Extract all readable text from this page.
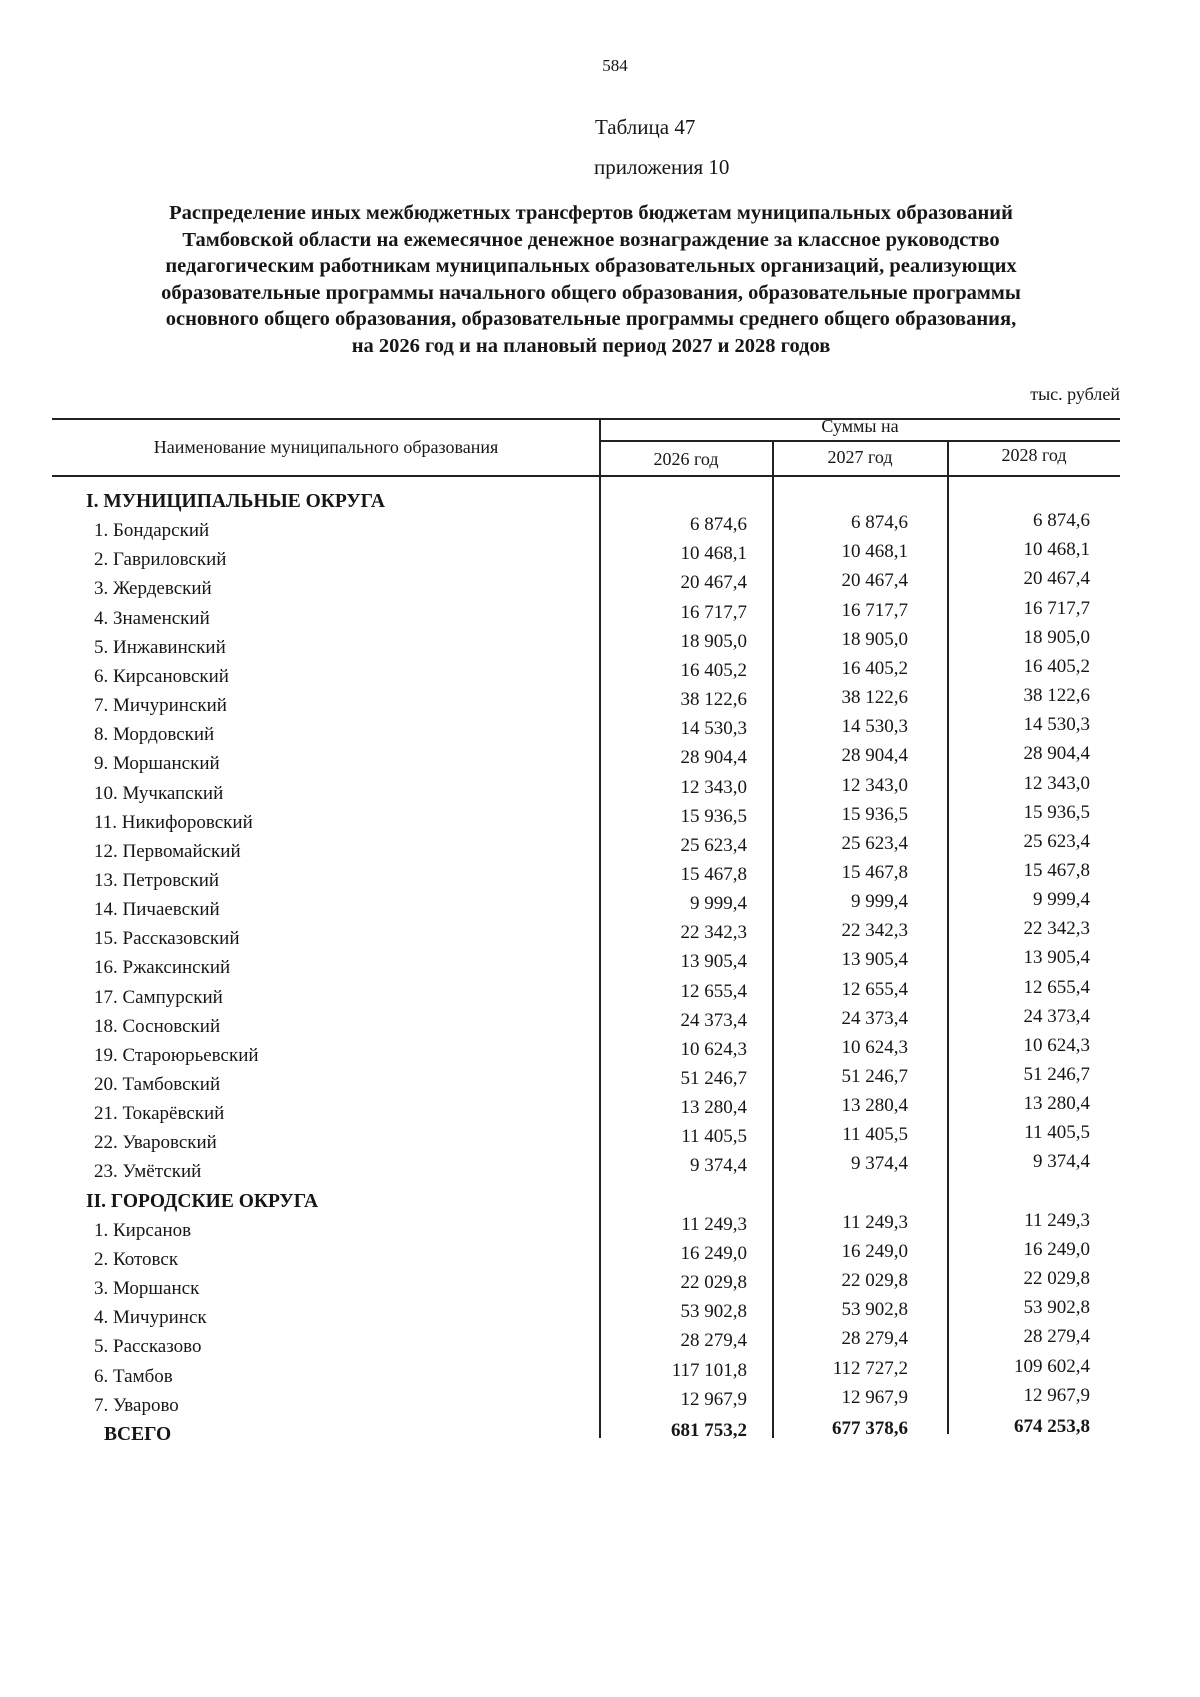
584
Таблица 47
приложения 10
Распределение иных межбюджетных трансфертов бюджетам муниципальных образований
Тамбовской области на ежемесячное денежное вознаграждение за классное руководство
педагогическим работникам муниципальных образовательных организаций, реализующих
образовательные программы начального общего образования, образовательные программы
основного общего образования, образовательные программы среднего общего образования,
на 2026 год и на плановый период 2027 и 2028 годов
тыс. рублей
Наименование муниципального образования
Суммы на
2026 год	2027 год	2028 год
I. МУНИЦИПАЛЬНЫЕ ОКРУГА
1. Бондарский	6 874,6	6 874,6	6 874,6
2. Гавриловский	10 468,1	10 468,1	10 468,1
3. Жердевский	20 467,4	20 467,4	20 467,4
4. Знаменский	16 717,7	16 717,7	16 717,7
5. Инжавинский	18 905,0	18 905,0	18 905,0
6. Кирсановский	16 405,2	16 405,2	16 405,2
7. Мичуринский	38 122,6	38 122,6	38 122,6
8. Мордовский	14 530,3	14 530,3	14 530,3
9. Моршанский	28 904,4	28 904,4	28 904,4
10. Мучкапский	12 343,0	12 343,0	12 343,0
11. Никифоровский	15 936,5	15 936,5	15 936,5
12. Первомайский	25 623,4	25 623,4	25 623,4
13. Петровский	15 467,8	15 467,8	15 467,8
14. Пичаевский	9 999,4	9 999,4	9 999,4
15. Рассказовский	22 342,3	22 342,3	22 342,3
16. Ржаксинский	13 905,4	13 905,4	13 905,4
17. Сампурский	12 655,4	12 655,4	12 655,4
18. Сосновский	24 373,4	24 373,4	24 373,4
19. Староюрьевский	10 624,3	10 624,3	10 624,3
20. Тамбовский	51 246,7	51 246,7	51 246,7
21. Токарёвский	13 280,4	13 280,4	13 280,4
22. Уваровский	11 405,5	11 405,5	11 405,5
23. Умётский	9 374,4	9 374,4	9 374,4
II. ГОРОДСКИЕ ОКРУГА
1. Кирсанов	11 249,3	11 249,3	11 249,3
2. Котовск	16 249,0	16 249,0	16 249,0
3. Моршанск	22 029,8	22 029,8	22 029,8
4. Мичуринск	53 902,8	53 902,8	53 902,8
5. Рассказово	28 279,4	28 279,4	28 279,4
6. Тамбов	117 101,8	112 727,2	109 602,4
7. Уварово	12 967,9	12 967,9	12 967,9
ВСЕГО	681 753,2	677 378,6	674 253,8
